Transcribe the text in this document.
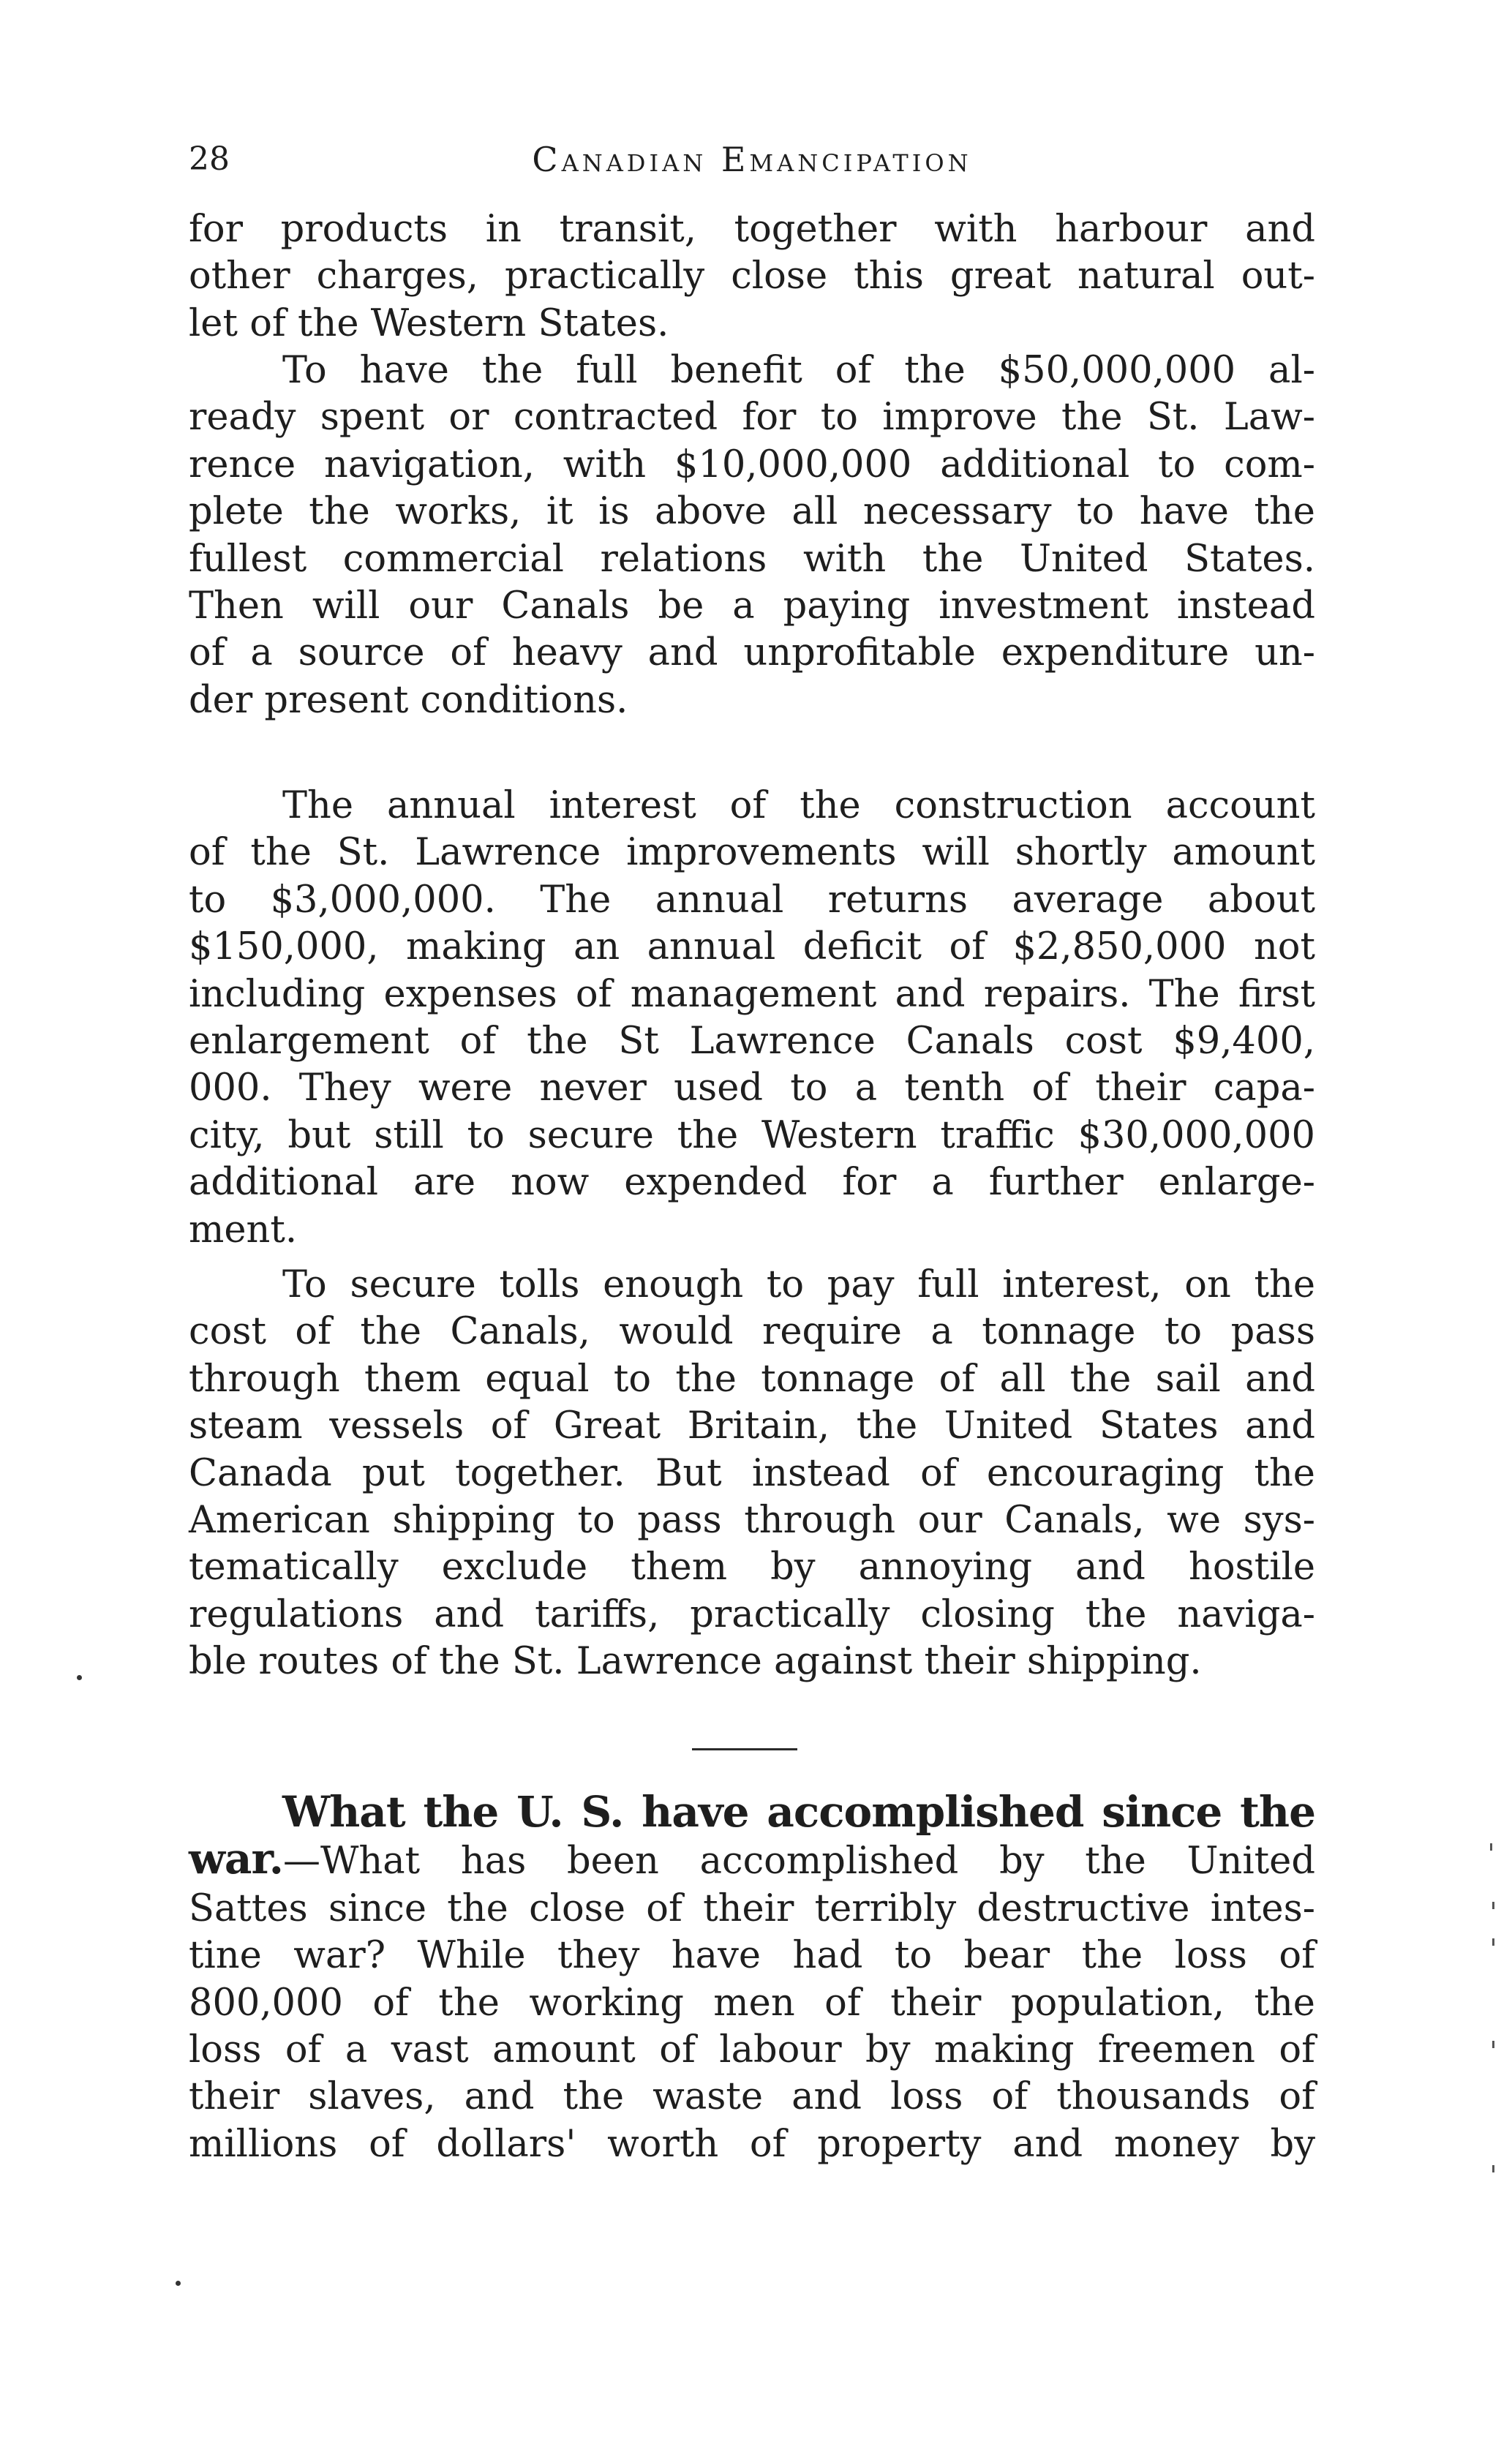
28	Canadian Emancipation
for products in transit, together with harbour and
other charges, practically close this great natural out-
let of the Western States.
To have the full benefit of the $50,000,000 al-
ready spent or contracted for to improve the St. Law-
rence navigation, with $10,000,000 additional to com-
plete the works, it is above all necessary to have the
fullest commercial relations with the United States.
Then will our Canals be a paying investment instead
of a source of heavy and unprofitable expenditure un-
der present conditions.
The annual interest of the construction account
of the St. Lawrence improvements will shortly amount
to $3,000,000. The annual returns average about
$150,000, making an annual deficit of $2,850,000 not
including expenses of management and repairs. The first
enlargement of the St Lawrence Canals cost $9,400,
000. They were never used to a tenth of their capa-
city, but still to secure the Western traffic $30,000,000
additional are now expended for a further enlarge-
ment.
To secure tolls enough to pay full interest, on the
cost of the Canals, would require a tonnage to pass
through them equal to the tonnage of all the sail and
steam vessels of Great Britain, the United States and
Canada put together. But instead of encouraging the
American shipping to pass through our Canals, we sys-
tematically exclude them by annoying and hostile
regulations and tariffs, practically closing the naviga-
ble routes of the St. Lawrence against their shipping.
What the U. S. have accomplished since the
war.—What has been accomplished by the United
Sattes since the close of their terribly destructive intes-
tine war? While they have had to bear the loss of
800,000 of the working men of their population, the
loss of a vast amount of labour by making freemen of
their slaves, and the waste and loss of thousands of
millions of dollars' worth of property and money by
